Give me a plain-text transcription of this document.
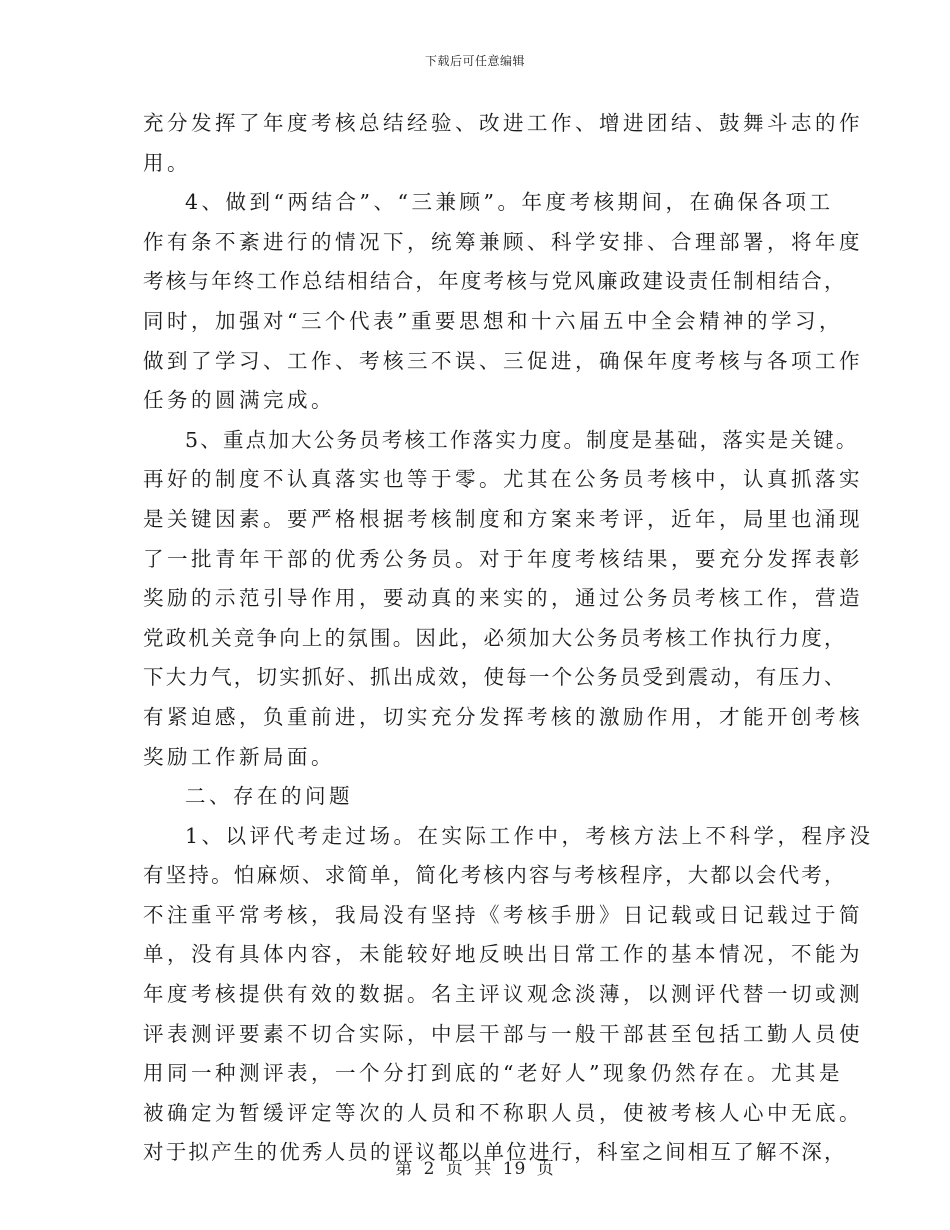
下载后可任意编辑
充分发挥了年度考核总结经验、改进工作、增进团结、鼓舞斗志的作
用。
4、做到“两结合”、“三兼顾”。年度考核期间，在确保各项工
作有条不紊进行的情况下，统筹兼顾、科学安排、合理部署，将年度
考核与年终工作总结相结合，年度考核与党风廉政建设责任制相结合，
同时，加强对“三个代表”重要思想和十六届五中全会精神的学习，
做到了学习、工作、考核三不误、三促进，确保年度考核与各项工作
任务的圆满完成。
5、重点加大公务员考核工作落实力度。制度是基础，落实是关键。
再好的制度不认真落实也等于零。尤其在公务员考核中，认真抓落实
是关键因素。要严格根据考核制度和方案来考评，近年，局里也涌现
了一批青年干部的优秀公务员。对于年度考核结果，要充分发挥表彰
奖励的示范引导作用，要动真的来实的，通过公务员考核工作，营造
党政机关竞争向上的氛围。因此，必须加大公务员考核工作执行力度，
下大力气，切实抓好、抓出成效，使每一个公务员受到震动，有压力、
有紧迫感，负重前进，切实充分发挥考核的激励作用，才能开创考核
奖励工作新局面。
二、存在的问题
1、以评代考走过场。在实际工作中，考核方法上不科学，程序没
有坚持。怕麻烦、求简单，简化考核内容与考核程序，大都以会代考，
不注重平常考核，我局没有坚持《考核手册》日记载或日记载过于简
单，没有具体内容，未能较好地反映出日常工作的基本情况，不能为
年度考核提供有效的数据。名主评议观念淡薄，以测评代替一切或测
评表测评要素不切合实际，中层干部与一般干部甚至包括工勤人员使
用同一种测评表，一个分打到底的“老好人”现象仍然存在。尤其是
被确定为暂缓评定等次的人员和不称职人员，使被考核人心中无底。
对于拟产生的优秀人员的评议都以单位进行，科室之间相互了解不深，
第 2 页 共 19 页
